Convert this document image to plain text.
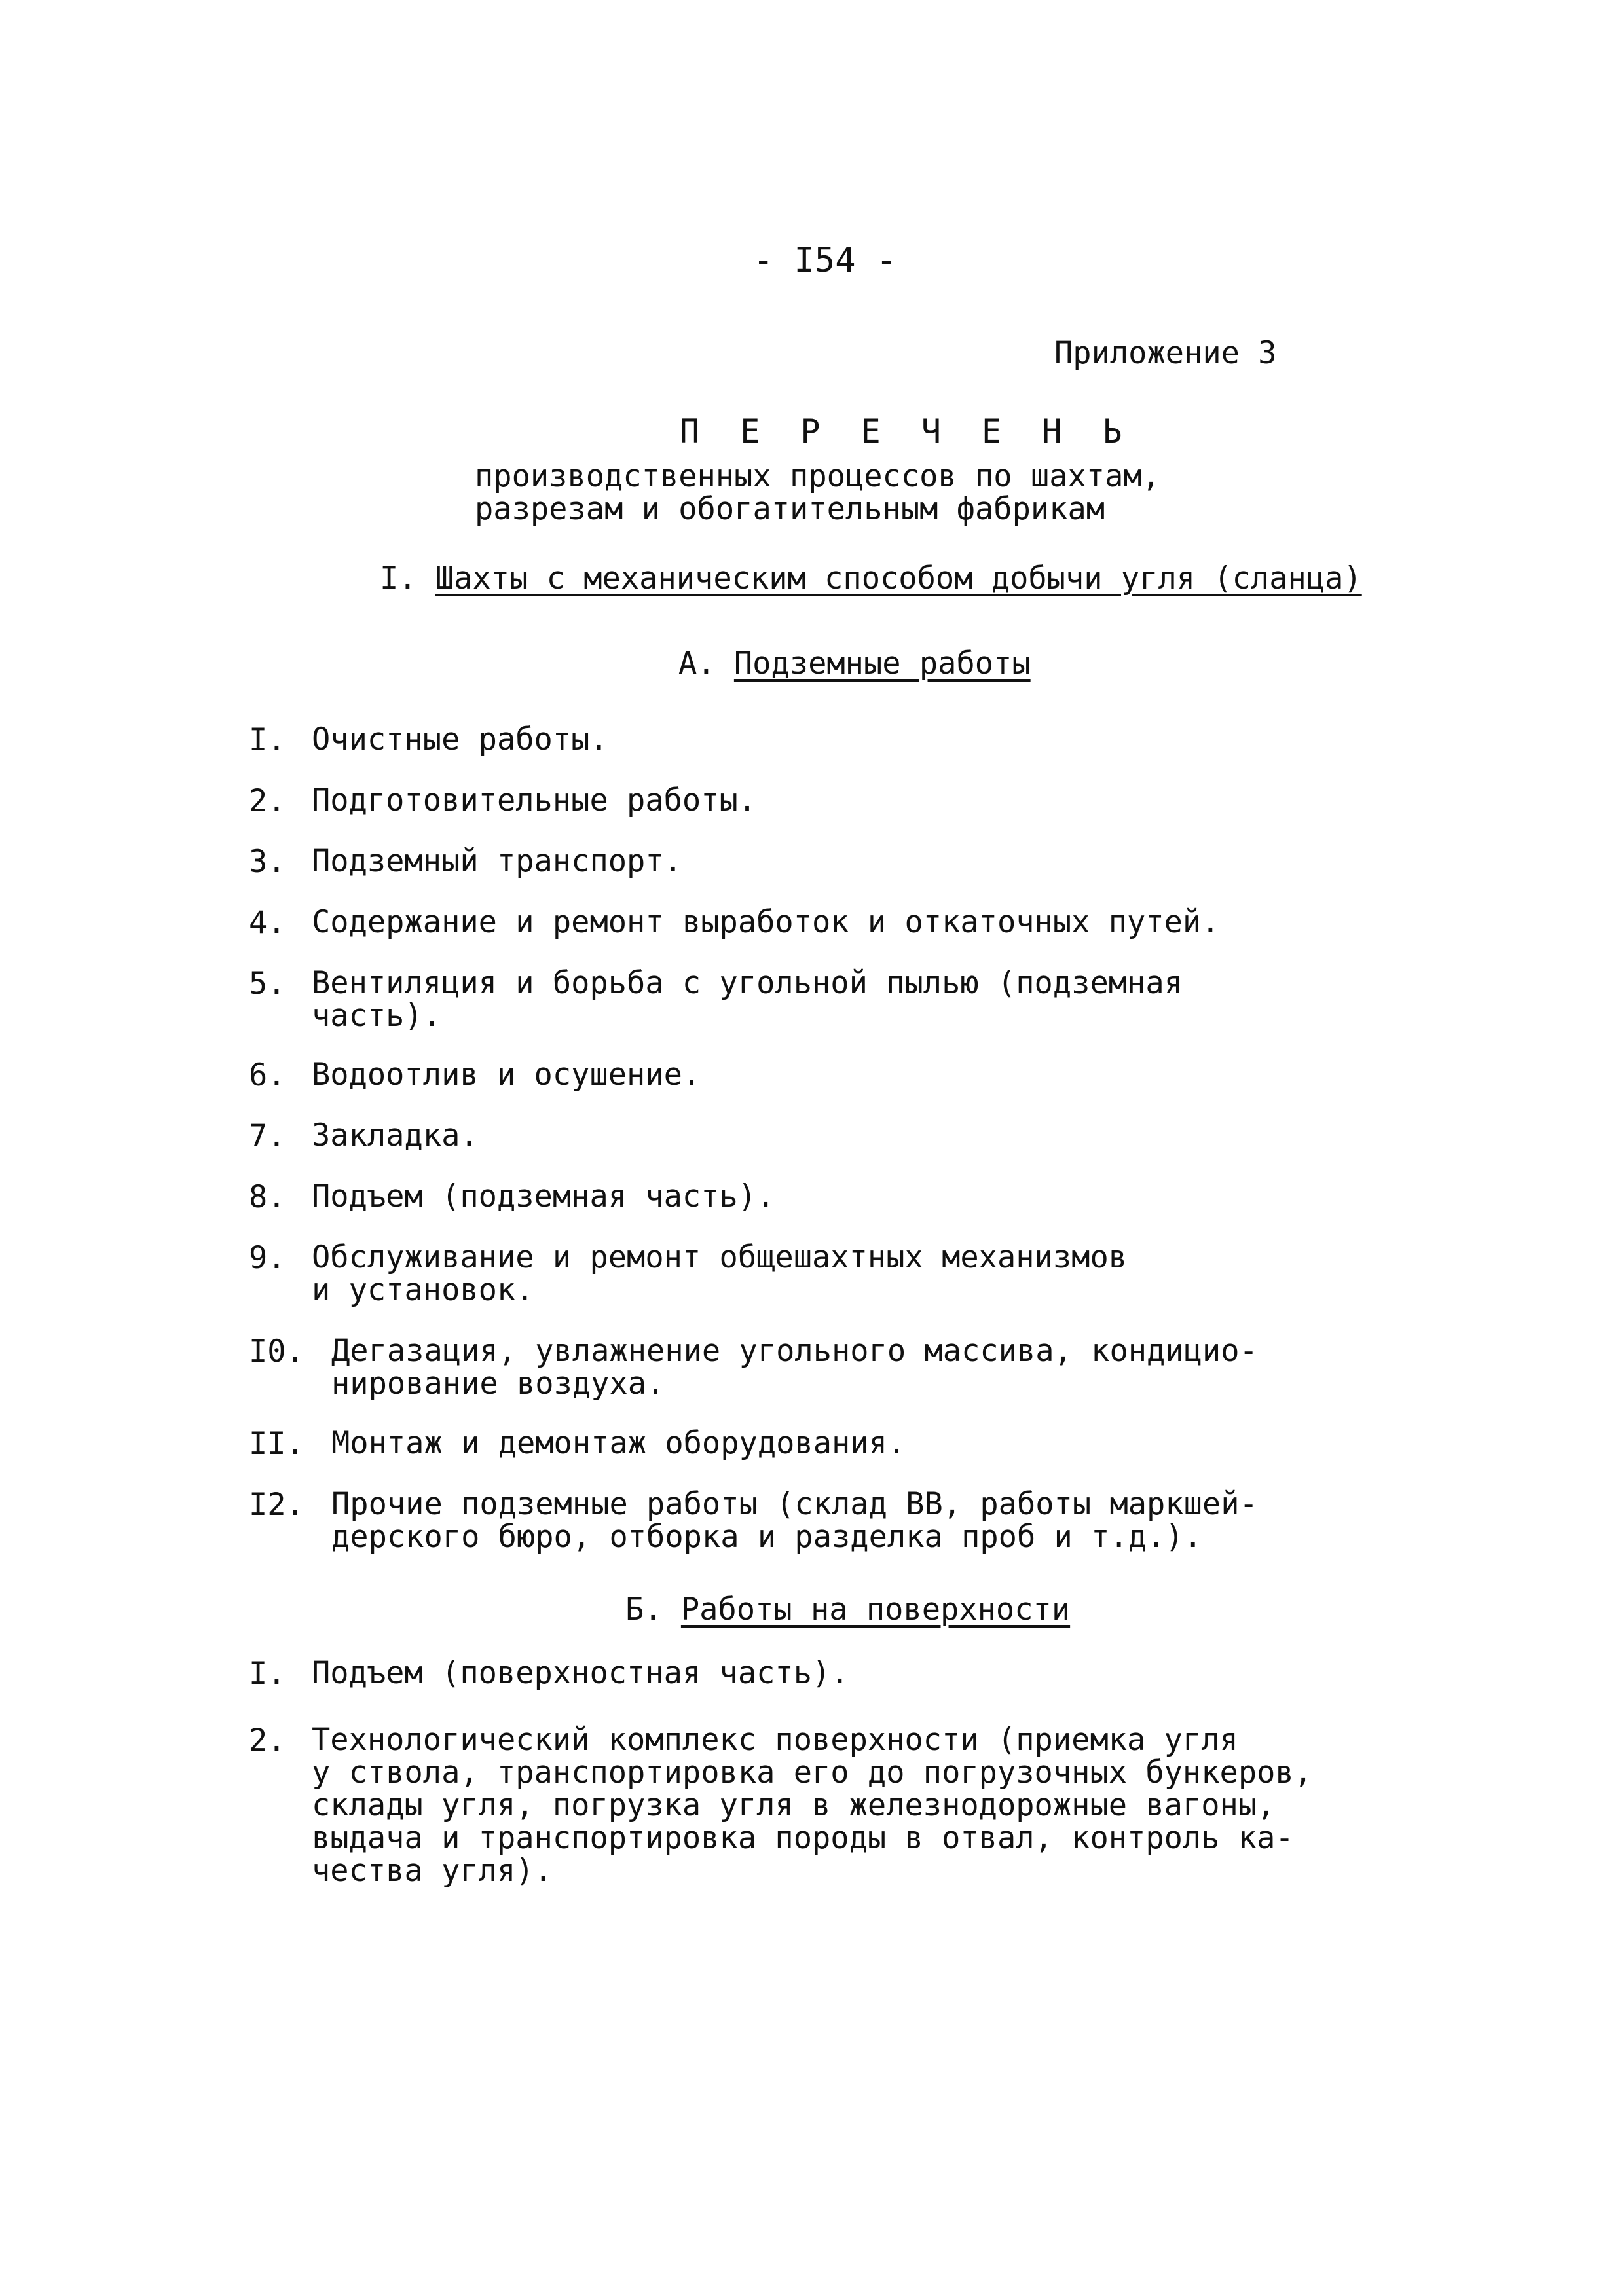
- I54 -
Приложение 3
П Е Р Е Ч Е Н Ь
производственных процессов по шахтам,
разрезам и обогатительным фабрикам
I. Шахты с механическим способом добычи угля (сланца)
А. Подземные работы
I. Очистные работы.
2. Подготовительные работы.
3. Подземный транспорт.
4. Содержание и ремонт выработок и откаточных путей.
5. Вентиляция и борьба с угольной пылью (подземная
часть).
6. Водоотлив и осушение.
7. Закладка.
8. Подъем (подземная часть).
9. Обслуживание и ремонт общешахтных механизмов
и установок.
I0. Дегазация, увлажнение угольного массива, кондицио-
нирование воздуха.
II. Монтаж и демонтаж оборудования.
I2. Прочие подземные работы (склад ВВ, работы маркшей-
дерского бюро, отборка и разделка проб и т.д.).
Б. Работы на поверхности
I. Подъем (поверхностная часть).
2. Технологический комплекс поверхности (приемка угля
у ствола, транспортировка его до погрузочных бункеров,
склады угля, погрузка угля в железнодорожные вагоны,
выдача и транспортировка породы в отвал, контроль ка-
чества угля).
